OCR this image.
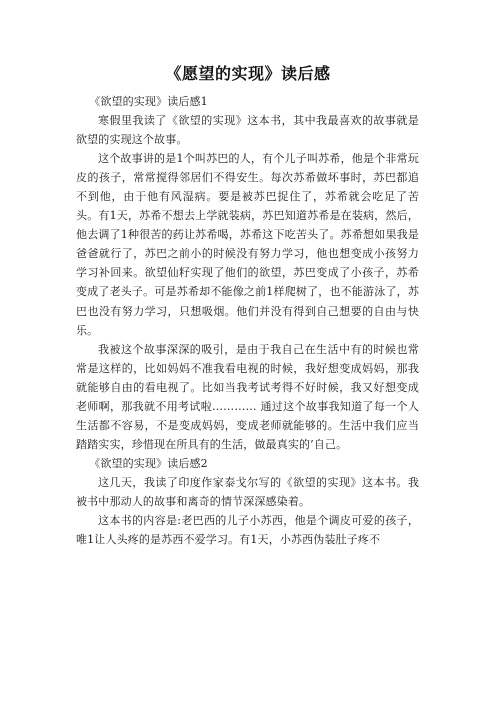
《愿望的实现》读后感

《欲望的实现》读后感1

寒假里我读了《欲望的实现》这本书，其中我最喜欢的故事就是欲望的实现这个故事。

这个故事讲的是1个叫苏巴的人，有个儿子叫苏希，他是个非常玩皮的孩子，常常搅得邻居们不得安生。每次苏希做坏事时，苏巴都追不到他，由于他有风湿病。要是被苏巴捉住了，苏希就会吃足了苦头。有1天，苏希不想去上学就装病，苏巴知道苏希是在装病，然后，他去调了1种很苦的药让苏希喝，苏希这下吃苦头了。苏希想如果我是爸爸就行了，苏巴之前小的时候没有努力学习，他也想变成小孩努力学习补回来。欲望仙籽实现了他们的欲望，苏巴变成了小孩子，苏希变成了老头子。可是苏希却不能像之前1样爬树了，也不能游泳了，苏巴也没有努力学习，只想吸烟。他们并没有得到自己想要的自由与快乐。

我被这个故事深深的吸引，是由于我自己在生活中有的时候也常常是这样的，比如妈妈不准我看电视的时候，我好想变成妈妈，那我就能够自由的看电视了。比如当我考试考得不好时候，我又好想变成老师啊，那我就不用考试啦………… 通过这个故事我知道了每一个人生活都不容易，不是变成妈妈，变成老师就能够的。生活中我们应当踏踏实实，珍惜现在所具有的生活，做最真实的’自己。

《欲望的实现》读后感2

这几天，我读了印度作家泰戈尔写的《欲望的实现》这本书。我被书中那动人的故事和离奇的情节深深感染着。

这本书的内容是:老巴西的儿子小苏西，他是个调皮可爱的孩子，唯1让人头疼的是苏西不爱学习。有1天，小苏西伪装肚子疼不
